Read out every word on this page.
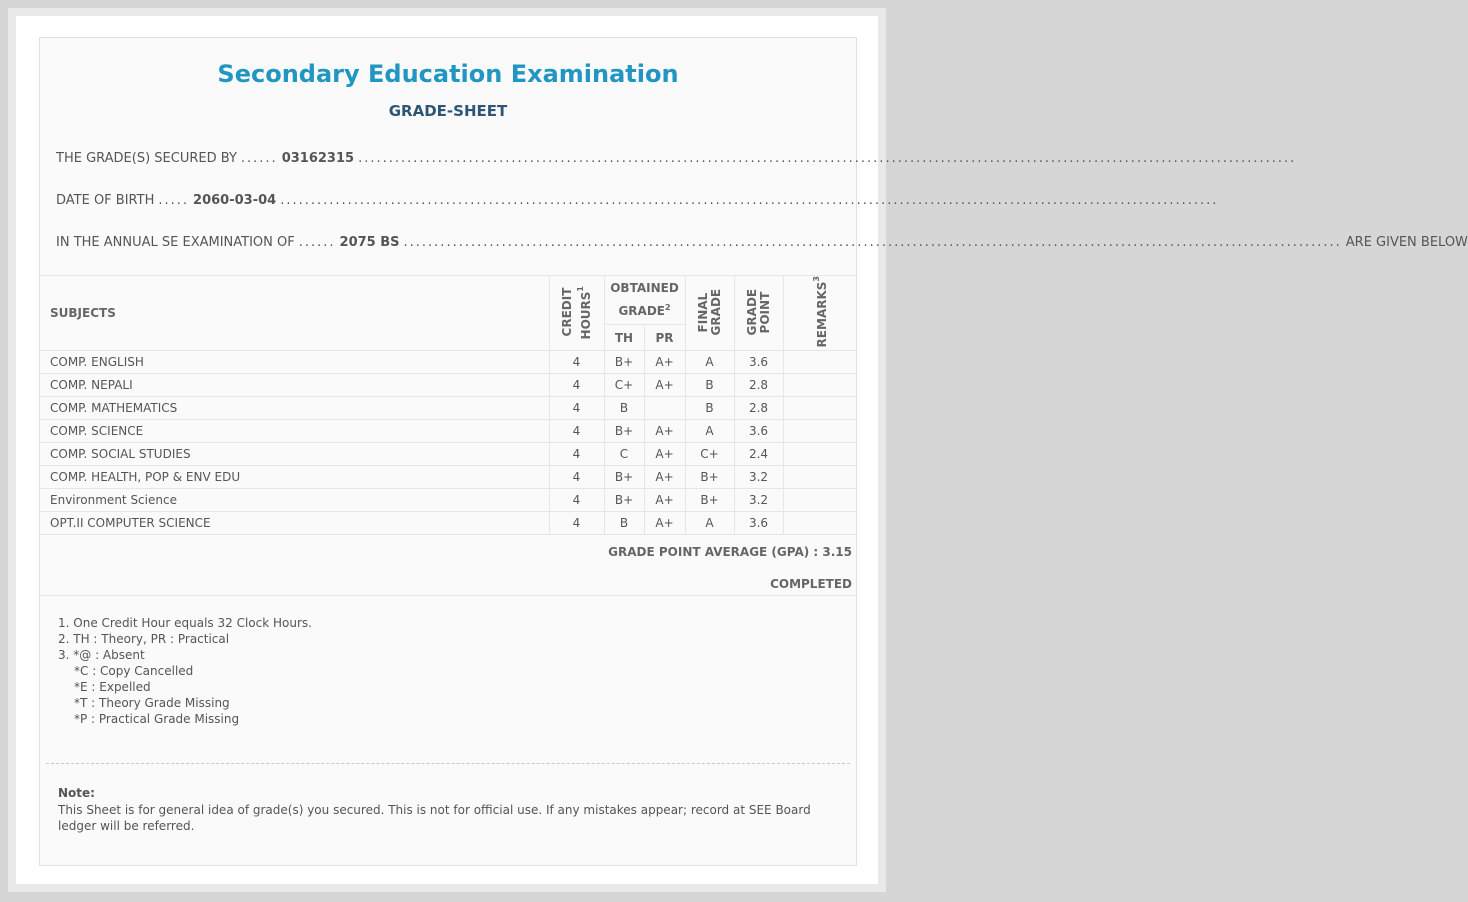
Secondary Education Examination
GRADE-SHEET
THE GRADE(S) SECURED BY ...... 03162315 .........................................................................................................................................................
DATE OF BIRTH ..... 2060-03-04 .........................................................................................................................................................
IN THE ANNUAL SE EXAMINATION OF ...... 2075 BS ......................................................................................................................................................... ARE GIVEN BELOW
SUBJECTS	CREDIT HOURS$^1$	OBTAINED GRADE$^2$		FINAL GRADE	GRADE POINT	REMARKS$^3$
		TH	PR			
COMP. ENGLISH	4	B+	A+	A	3.6	
COMP. NEPALI	4	C+	A+	B	2.8	
COMP. MATHEMATICS	4	B		B	2.8	
COMP. SCIENCE	4	B+	A+	A	3.6	
COMP. SOCIAL STUDIES	4	C	A+	C+	2.4	
COMP. HEALTH, POP & ENV EDU	4	B+	A+	B+	3.2	
Environment Science	4	B+	A+	B+	3.2	
OPT.II COMPUTER SCIENCE	4	B	A+	A	3.6	
GRADE POINT AVERAGE (GPA) : 3.15
COMPLETED
1. One Credit Hour equals 32 Clock Hours.
2. TH : Theory, PR : Practical
3. *@ : Absent
*C : Copy Cancelled
*E : Expelled
*T : Theory Grade Missing
*P : Practical Grade Missing
Note:
This Sheet is for general idea of grade(s) you secured. This is not for official use. If any mistakes appear; record at SEE Board ledger will be referred.
